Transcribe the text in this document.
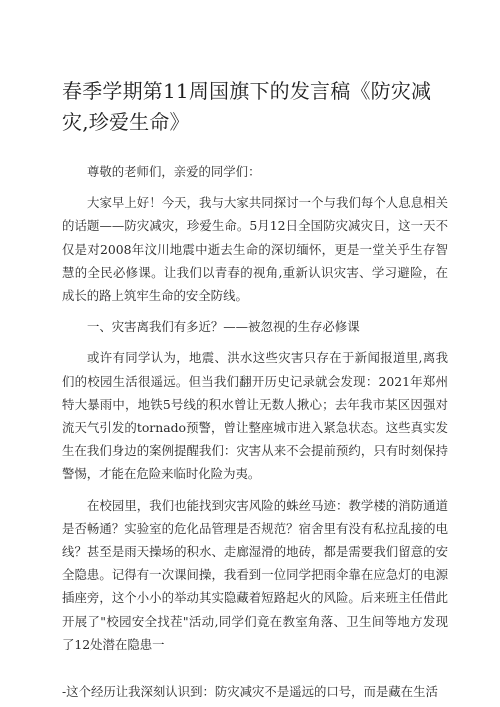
春季学期第11周国旗下的发言稿《防灾减灾,珍爱生命》

尊敬的老师们，亲爱的同学们：

大家早上好！今天，我与大家共同探讨一个与我们每个人息息相关的话题——防灾减灾，珍爱生命。5月12日全国防灾减灾日，这一天不仅是对2008年汶川地震中逝去生命的深切缅怀，更是一堂关乎生存智慧的全民必修课。让我们以青春的视角,重新认识灾害、学习避险，在成长的路上筑牢生命的安全防线。

一、灾害离我们有多近？——被忽视的生存必修课

或许有同学认为，地震、洪水这些灾害只存在于新闻报道里,离我们的校园生活很遥远。但当我们翻开历史记录就会发现：2021年郑州特大暴雨中，地铁5号线的积水曾让无数人揪心；去年我市某区因强对流天气引发的tornado预警，曾让整座城市进入紧急状态。这些真实发生在我们身边的案例提醒我们：灾害从来不会提前预约，只有时刻保持警惕，才能在危险来临时化险为夷。

在校园里，我们也能找到灾害风险的蛛丝马迹：教学楼的消防通道是否畅通？实验室的危化品管理是否规范？宿舍里有没有私拉乱接的电线？甚至是雨天操场的积水、走廊湿滑的地砖，都是需要我们留意的安全隐患。记得有一次课间操，我看到一位同学把雨伞靠在应急灯的电源插座旁，这个小小的举动其实隐藏着短路起火的风险。后来班主任借此开展了"校园安全找茬"活动,同学们竟在教室角落、卫生间等地方发现了12处潜在隐患一

-这个经历让我深刻认识到：防灾减灾不是遥远的口号，而是藏在生活
